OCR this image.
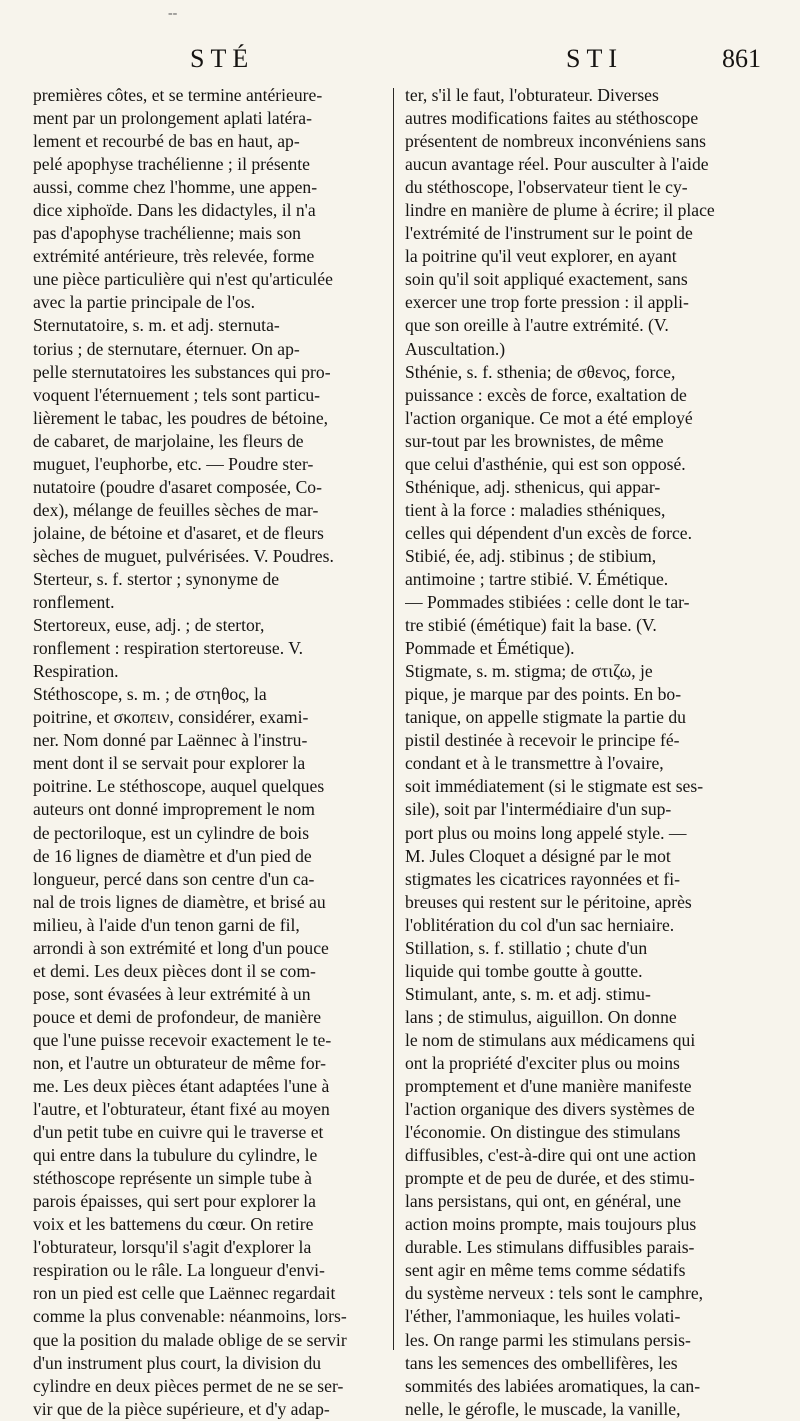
--
STÉ	STI	861
premières côtes, et se termine antérieure-
ment par un prolongement aplati latéra-
lement et recourbé de bas en haut, ap-
pelé apophyse trachélienne ; il présente
aussi, comme chez l'homme, une appen-
dice xiphoïde. Dans les didactyles, il n'a
pas d'apophyse trachélienne; mais son
extrémité antérieure, très relevée, forme
une pièce particulière qui n'est qu'articulée
avec la partie principale de l'os.
Sternutatoire, s. m. et adj. sternuta-
torius ; de sternutare, éternuer. On ap-
pelle sternutatoires les substances qui pro-
voquent l'éternuement ; tels sont particu-
lièrement le tabac, les poudres de bétoine,
de cabaret, de marjolaine, les fleurs de
muguet, l'euphorbe, etc. — Poudre ster-
nutatoire (poudre d'asaret composée, Co-
dex), mélange de feuilles sèches de mar-
jolaine, de bétoine et d'asaret, et de fleurs
sèches de muguet, pulvérisées. V. Poudres.
Sterteur, s. f. stertor ; synonyme de
ronflement.
Stertoreux, euse, adj. ; de stertor,
ronflement : respiration stertoreuse. V.
Respiration.
Stéthoscope, s. m. ; de στηθος, la
poitrine, et σκοπειν, considérer, exami-
ner. Nom donné par Laënnec à l'instru-
ment dont il se servait pour explorer la
poitrine. Le stéthoscope, auquel quelques
auteurs ont donné improprement le nom
de pectoriloque, est un cylindre de bois
de 16 lignes de diamètre et d'un pied de
longueur, percé dans son centre d'un ca-
nal de trois lignes de diamètre, et brisé au
milieu, à l'aide d'un tenon garni de fil,
arrondi à son extrémité et long d'un pouce
et demi. Les deux pièces dont il se com-
pose, sont évasées à leur extrémité à un
pouce et demi de profondeur, de manière
que l'une puisse recevoir exactement le te-
non, et l'autre un obturateur de même for-
me. Les deux pièces étant adaptées l'une à
l'autre, et l'obturateur, étant fixé au moyen
d'un petit tube en cuivre qui le traverse et
qui entre dans la tubulure du cylindre, le
stéthoscope représente un simple tube à
parois épaisses, qui sert pour explorer la
voix et les battemens du cœur. On retire
l'obturateur, lorsqu'il s'agit d'explorer la
respiration ou le râle. La longueur d'envi-
ron un pied est celle que Laënnec regardait
comme la plus convenable: néanmoins, lors-
que la position du malade oblige de se servir
d'un instrument plus court, la division du
cylindre en deux pièces permet de ne se ser-
vir que de la pièce supérieure, et d'y adap-
ter, s'il le faut, l'obturateur. Diverses
autres modifications faites au stéthoscope
présentent de nombreux inconvéniens sans
aucun avantage réel. Pour ausculter à l'aide
du stéthoscope, l'observateur tient le cy-
lindre en manière de plume à écrire; il place
l'extrémité de l'instrument sur le point de
la poitrine qu'il veut explorer, en ayant
soin qu'il soit appliqué exactement, sans
exercer une trop forte pression : il appli-
que son oreille à l'autre extrémité. (V.
Auscultation.)
Sthénie, s. f. sthenia; de σθενος, force,
puissance : excès de force, exaltation de
l'action organique. Ce mot a été employé
sur-tout par les brownistes, de même
que celui d'asthénie, qui est son opposé.
Sthénique, adj. sthenicus, qui appar-
tient à la force : maladies sthéniques,
celles qui dépendent d'un excès de force.
Stibié, ée, adj. stibinus ; de stibium,
antimoine ; tartre stibié. V. Émétique.
— Pommades stibiées : celle dont le tar-
tre stibié (émétique) fait la base. (V.
Pommade et Émétique).
Stigmate, s. m. stigma; de στιζω, je
pique, je marque par des points. En bo-
tanique, on appelle stigmate la partie du
pistil destinée à recevoir le principe fé-
condant et à le transmettre à l'ovaire,
soit immédiatement (si le stigmate est ses-
sile), soit par l'intermédiaire d'un sup-
port plus ou moins long appelé style. —
M. Jules Cloquet a désigné par le mot
stigmates les cicatrices rayonnées et fi-
breuses qui restent sur le péritoine, après
l'oblitération du col d'un sac herniaire.
Stillation, s. f. stillatio ; chute d'un
liquide qui tombe goutte à goutte.
Stimulant, ante, s. m. et adj. stimu-
lans ; de stimulus, aiguillon. On donne
le nom de stimulans aux médicamens qui
ont la propriété d'exciter plus ou moins
promptement et d'une manière manifeste
l'action organique des divers systèmes de
l'économie. On distingue des stimulans
diffusibles, c'est-à-dire qui ont une action
prompte et de peu de durée, et des stimu-
lans persistans, qui ont, en général, une
action moins prompte, mais toujours plus
durable. Les stimulans diffusibles parais-
sent agir en même tems comme sédatifs
du système nerveux : tels sont le camphre,
l'éther, l'ammoniaque, les huiles volati-
les. On range parmi les stimulans persis-
tans les semences des ombellifères, les
sommités des labiées aromatiques, la can-
nelle, le gérofle, le muscade, la vanille,
